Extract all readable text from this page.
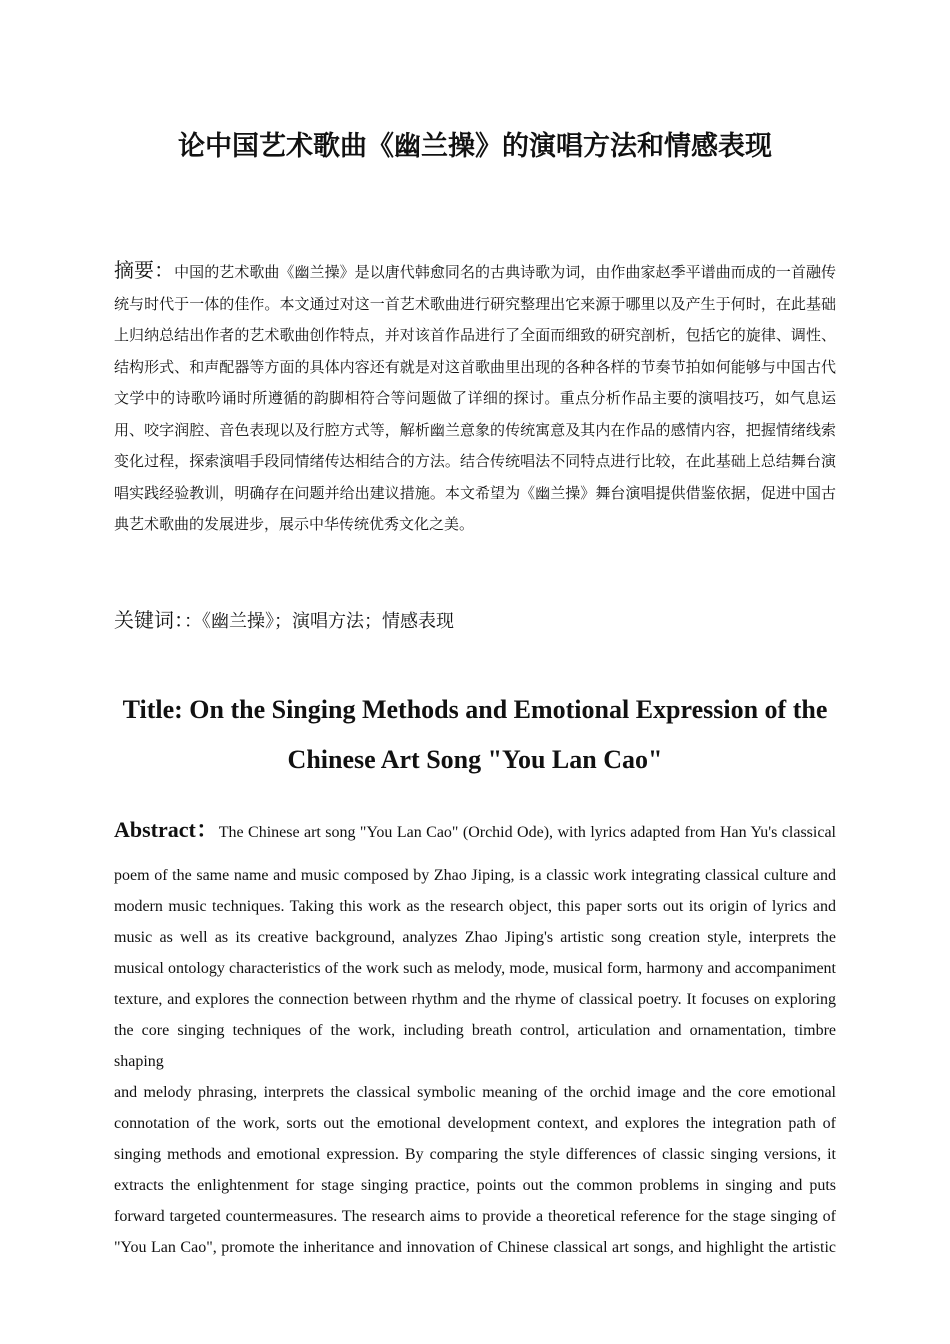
论中国艺术歌曲《幽兰操》的演唱方法和情感表现

摘要：中国的艺术歌曲《幽兰操》是以唐代韩愈同名的古典诗歌为词，由作曲家赵季平谱曲而成的一首融传统与时代于一体的佳作。本文通过对这一首艺术歌曲进行研究整理出它来源于哪里以及产生于何时，在此基础上归纳总结出作者的艺术歌曲创作特点，并对该首作品进行了全面而细致的研究剖析，包括它的旋律、调性、结构形式、和声配器等方面的具体内容还有就是对这首歌曲里出现的各种各样的节奏节拍如何能够与中国古代文学中的诗歌吟诵时所遵循的韵脚相符合等问题做了详细的探讨。重点分析作品主要的演唱技巧，如气息运用、咬字润腔、音色表现以及行腔方式等，解析幽兰意象的传统寓意及其内在作品的感情内容，把握情绪线索变化过程，探索演唱手段同情绪传达相结合的方法。结合传统唱法不同特点进行比较，在此基础上总结舞台演唱实践经验教训，明确存在问题并给出建议措施。本文希望为《幽兰操》舞台演唱提供借鉴依据，促进中国古典艺术歌曲的发展进步，展示中华传统优秀文化之美。

关键词：：《幽兰操》；演唱方法；情感表现

Title: On the Singing Methods and Emotional Expression of the Chinese Art Song "You Lan Cao"
Abstract：The Chinese art song "You Lan Cao" (Orchid Ode), with lyrics adapted from Han Yu's classical
poem of the same name and music composed by Zhao Jiping, is a classic work integrating classical culture and
modern music techniques. Taking this work as the research object, this paper sorts out its origin of lyrics and
music as well as its creative background, analyzes Zhao Jiping's artistic song creation style, interprets the
musical ontology characteristics of the work such as melody, mode, musical form, harmony and accompaniment
texture, and explores the connection between rhythm and the rhyme of classical poetry. It focuses on exploring
the core singing techniques of the work, including breath control, articulation and ornamentation, timbre shaping
and melody phrasing, interprets the classical symbolic meaning of the orchid image and the core emotional
connotation of the work, sorts out the emotional development context, and explores the integration path of
singing methods and emotional expression. By comparing the style differences of classic singing versions, it
extracts the enlightenment for stage singing practice, points out the common problems in singing and puts
forward targeted countermeasures. The research aims to provide a theoretical reference for the stage singing of
"You Lan Cao", promote the inheritance and innovation of Chinese classical art songs, and highlight the artistic
